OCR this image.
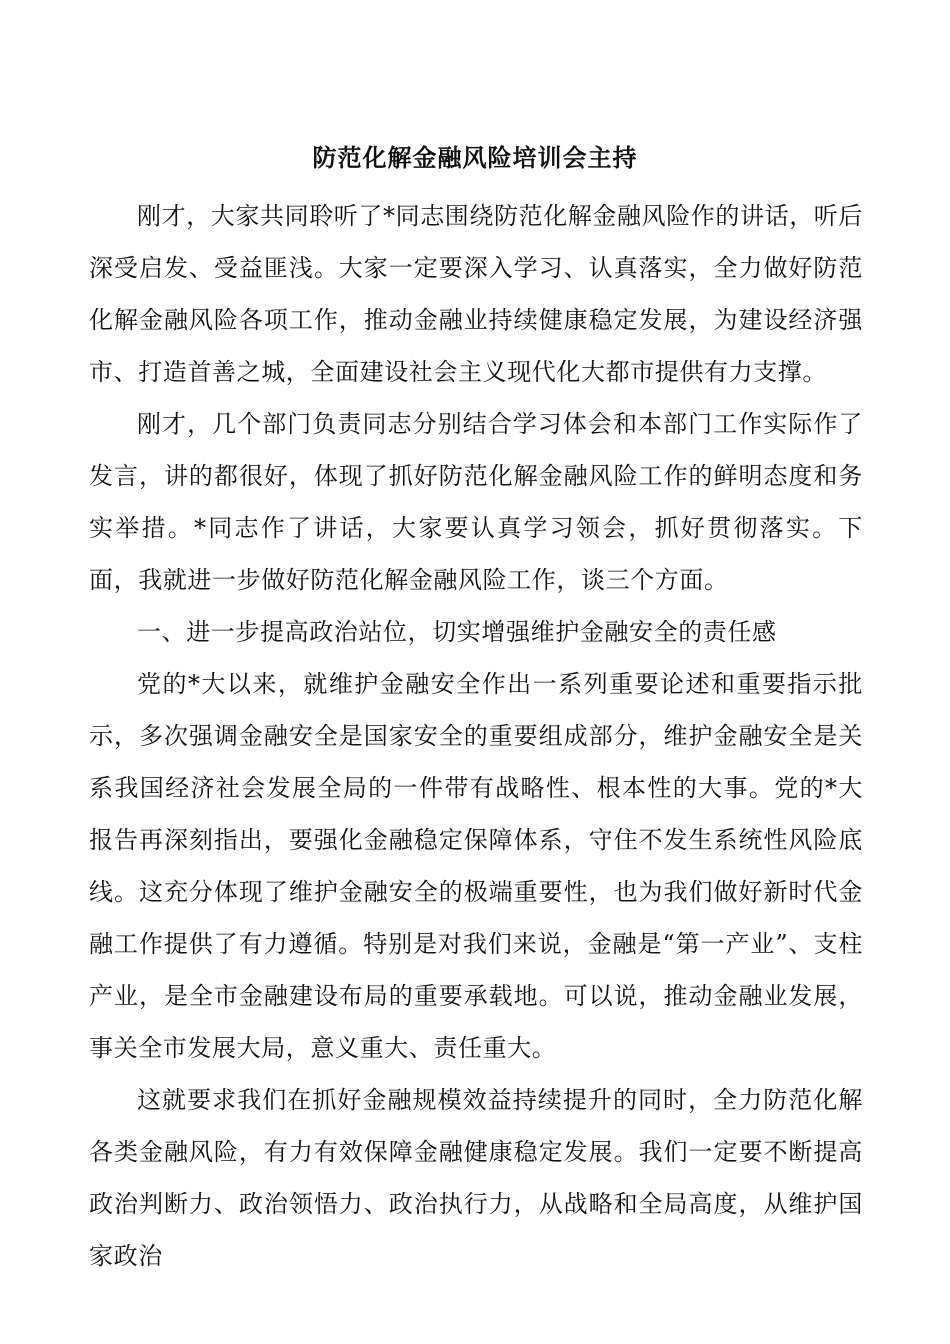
防范化解金融风险培训会主持

刚才，大家共同聆听了*同志围绕防范化解金融风险作的讲话，听后深受启发、受益匪浅。大家一定要深入学习、认真落实，全力做好防范化解金融风险各项工作，推动金融业持续健康稳定发展，为建设经济强市、打造首善之城，全面建设社会主义现代化大都市提供有力支撑。

刚才，几个部门负责同志分别结合学习体会和本部门工作实际作了发言，讲的都很好，体现了抓好防范化解金融风险工作的鲜明态度和务实举措。*同志作了讲话，大家要认真学习领会，抓好贯彻落实。下面，我就进一步做好防范化解金融风险工作，谈三个方面。

一、进一步提高政治站位，切实增强维护金融安全的责任感

党的*大以来，就维护金融安全作出一系列重要论述和重要指示批示，多次强调金融安全是国家安全的重要组成部分，维护金融安全是关系我国经济社会发展全局的一件带有战略性、根本性的大事。党的*大报告再深刻指出，要强化金融稳定保障体系，守住不发生系统性风险底线。这充分体现了维护金融安全的极端重要性，也为我们做好新时代金融工作提供了有力遵循。特别是对我们来说，金融是“第一产业”、支柱产业，是全市金融建设布局的重要承载地。可以说，推动金融业发展，事关全市发展大局，意义重大、责任重大。

这就要求我们在抓好金融规模效益持续提升的同时，全力防范化解各类金融风险，有力有效保障金融健康稳定发展。我们一定要不断提高政治判断力、政治领悟力、政治执行力，从战略和全局高度，从维护国家政治
